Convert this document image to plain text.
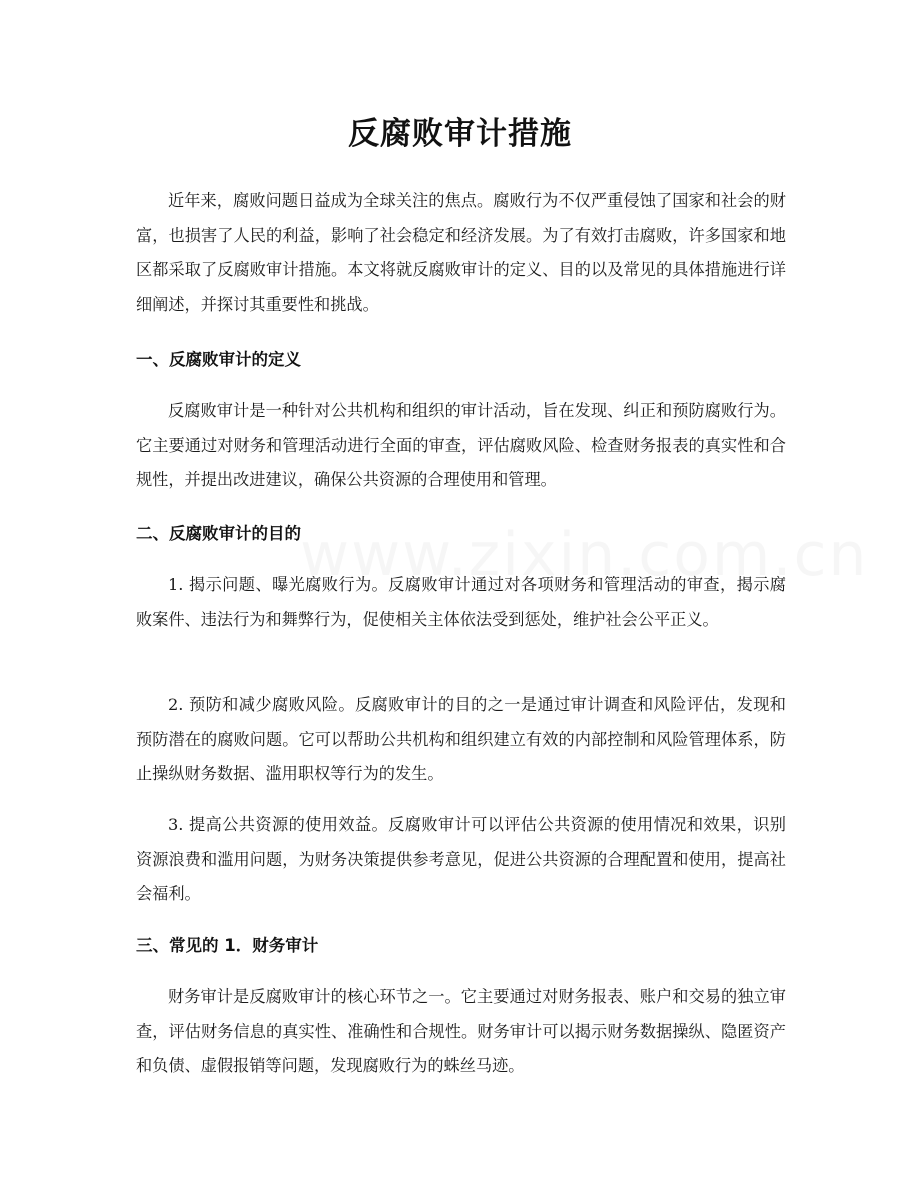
反腐败审计措施

近年来，腐败问题日益成为全球关注的焦点。腐败行为不仅严重侵蚀了国家和社会的财富，也损害了人民的利益，影响了社会稳定和经济发展。为了有效打击腐败，许多国家和地区都采取了反腐败审计措施。本文将就反腐败审计的定义、目的以及常见的具体措施进行详细阐述，并探讨其重要性和挑战。

一、反腐败审计的定义

反腐败审计是一种针对公共机构和组织的审计活动，旨在发现、纠正和预防腐败行为。它主要通过对财务和管理活动进行全面的审查，评估腐败风险、检查财务报表的真实性和合规性，并提出改进建议，确保公共资源的合理使用和管理。

二、反腐败审计的目的

1. 揭示问题、曝光腐败行为。反腐败审计通过对各项财务和管理活动的审查，揭示腐败案件、违法行为和舞弊行为，促使相关主体依法受到惩处，维护社会公平正义。

2. 预防和减少腐败风险。反腐败审计的目的之一是通过审计调查和风险评估，发现和预防潜在的腐败问题。它可以帮助公共机构和组织建立有效的内部控制和风险管理体系，防止操纵财务数据、滥用职权等行为的发生。

3. 提高公共资源的使用效益。反腐败审计可以评估公共资源的使用情况和效果，识别资源浪费和滥用问题，为财务决策提供参考意见，促进公共资源的合理配置和使用，提高社会福利。

三、常见的 1．财务审计

财务审计是反腐败审计的核心环节之一。它主要通过对财务报表、账户和交易的独立审查，评估财务信息的真实性、准确性和合规性。财务审计可以揭示财务数据操纵、隐匿资产和负债、虚假报销等问题，发现腐败行为的蛛丝马迹。
